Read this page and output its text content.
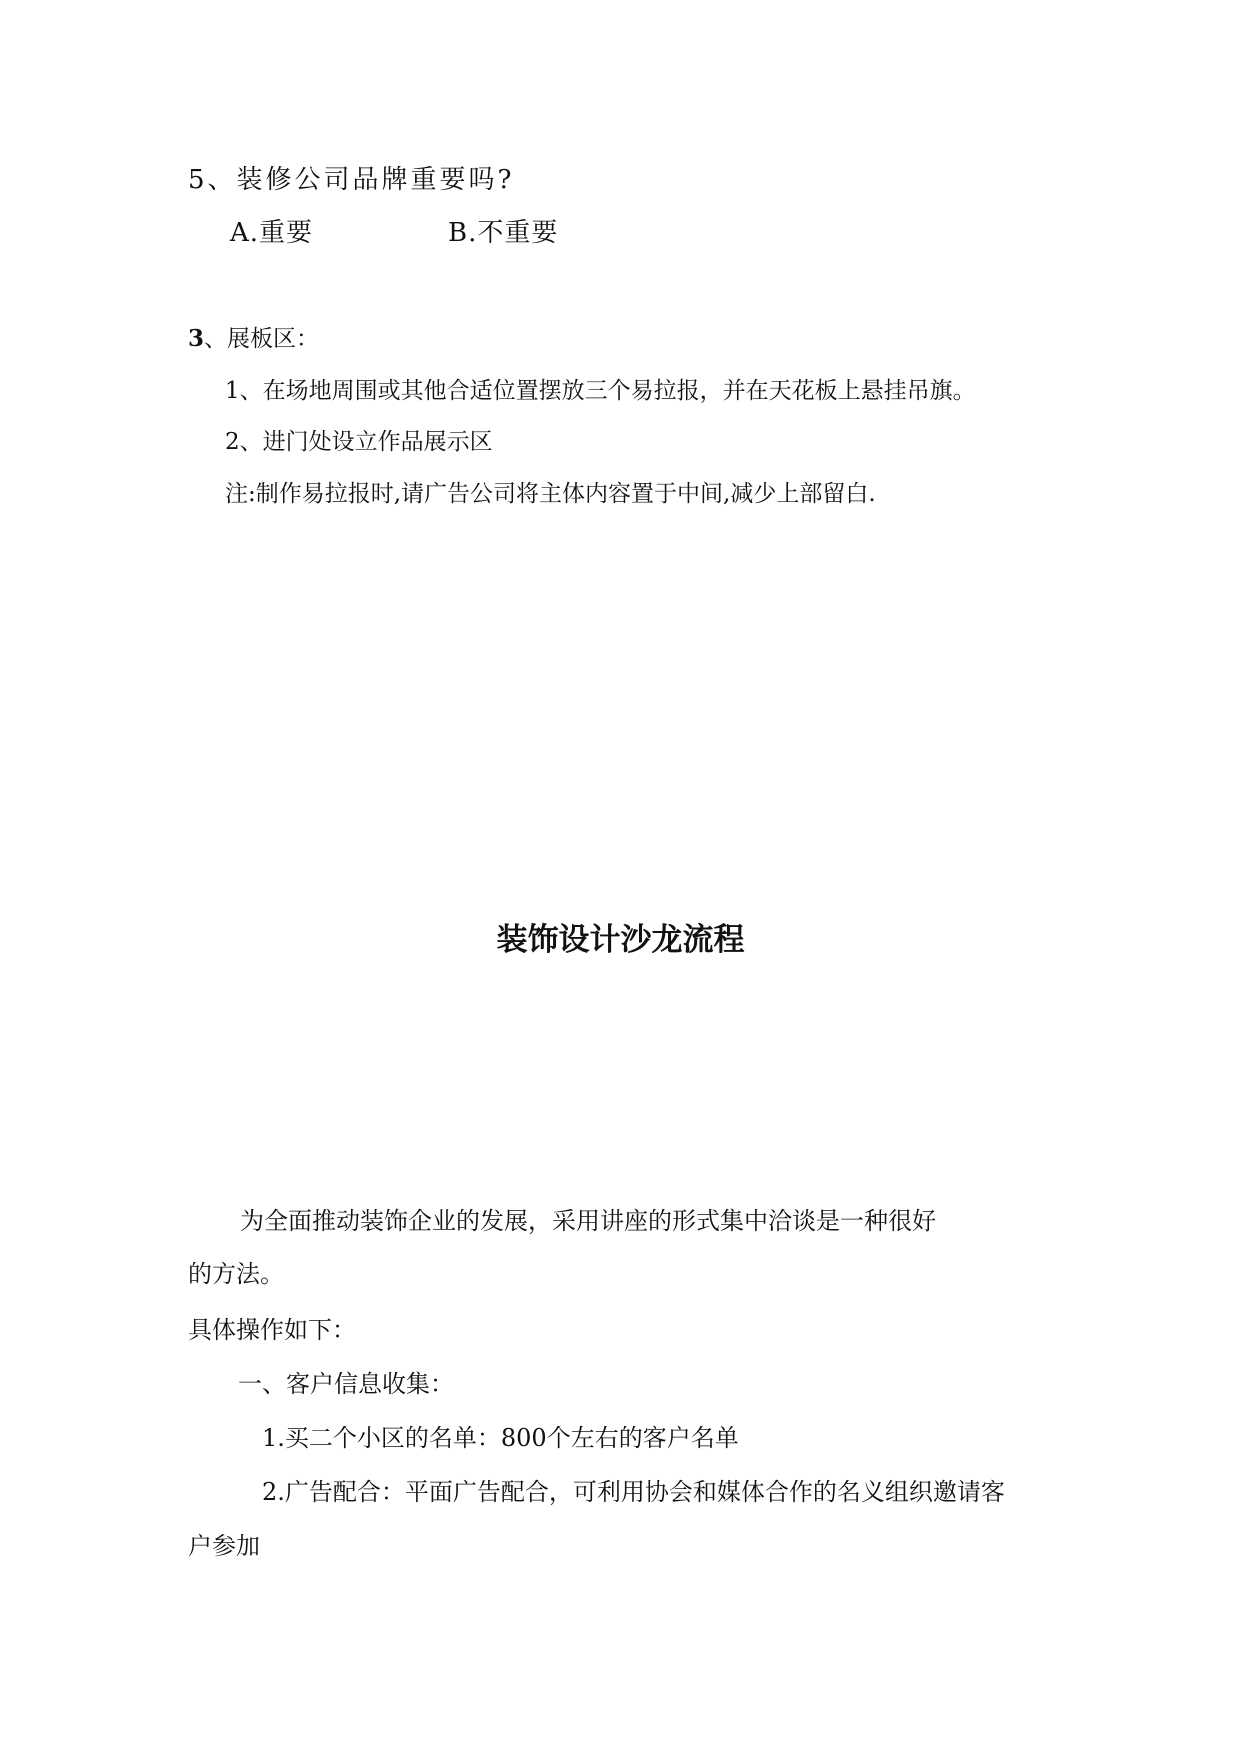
5、装修公司品牌重要吗?

A.重要	B.不重要

3、展板区：

1、在场地周围或其他合适位置摆放三个易拉报，并在天花板上悬挂吊旗。

2、进门处设立作品展示区

注:制作易拉报时,请广告公司将主体内容置于中间,减少上部留白.

装饰设计沙龙流程

为全面推动装饰企业的发展，采用讲座的形式集中洽谈是一种很好

的方法。

具体操作如下：

一、客户信息收集：

1.买二个小区的名单：800个左右的客户名单

2.广告配合：平面广告配合，可利用协会和媒体合作的名义组织邀请客

户参加
